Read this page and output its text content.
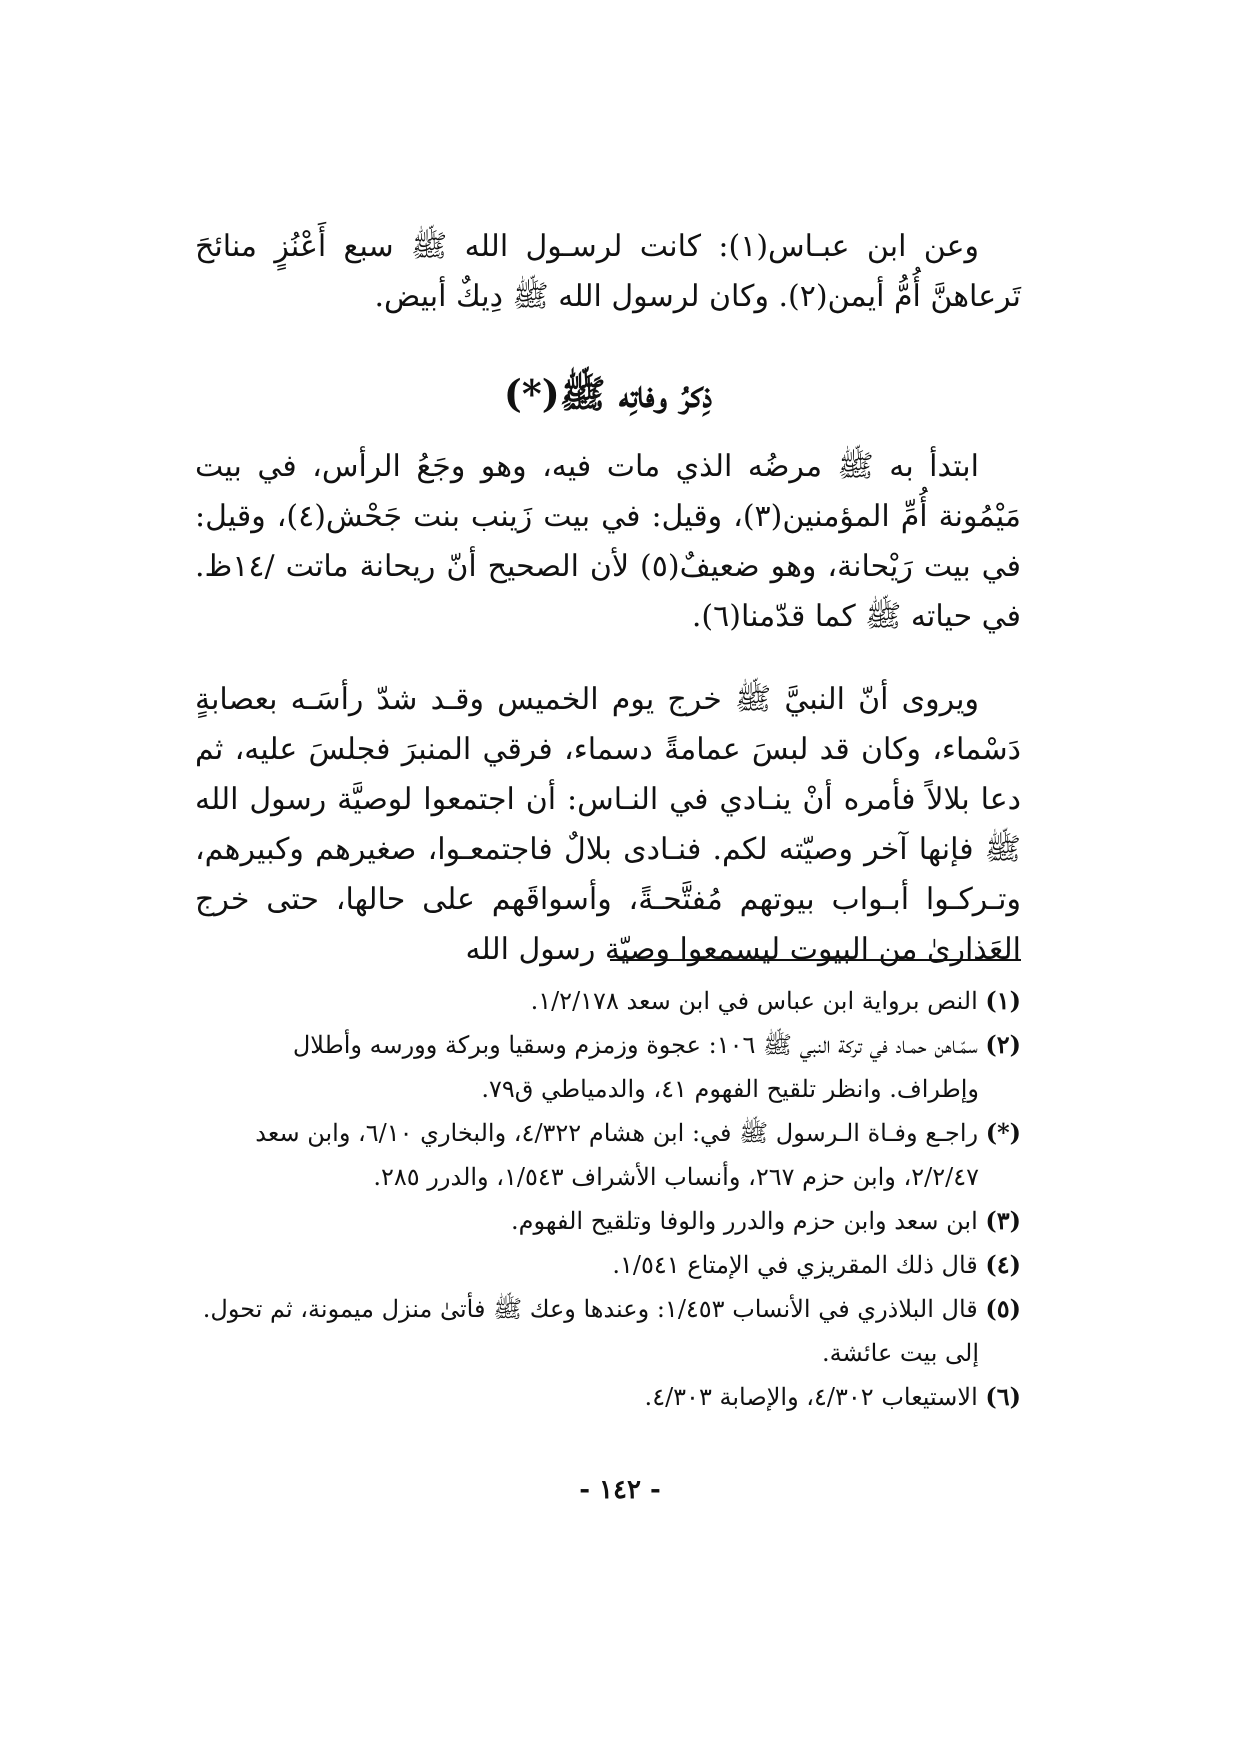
وعن ابن عبـاس(١): كانت لرسـول الله ﷺ سبع أَعْنُزٍ منائحَ تَرعاهنَّ أُمُّ أيمن(٢). وكان لرسول الله ﷺ دِيكٌ أبيض.

ذِكرُ وفاتِه ﷺ(*)

ابتدأ به ﷺ مرضُه الذي مات فيه، وهو وجَعُ الرأس، في بيت مَيْمُونة أُمِّ المؤمنين(٣)، وقيل: في بيت زَينب بنت جَحْش(٤)، وقيل: في بيت رَيْحانة، وهو ضعيفٌ(٥) لأن الصحيح أنّ ريحانة ماتت /١٤ظ. في حياته ﷺ كما قدّمنا(٦).

ويروى أنّ النبيَّ ﷺ خرج يوم الخميس وقـد شدّ رأسَـه بعصابةٍ دَسْماء، وكان قد لبسَ عمامةً دسماء، فرقي المنبرَ فجلسَ عليه، ثم دعا بلالاً فأمره أنْ ينـادي في النـاس: أن اجتمعوا لوصيَّة رسول الله ﷺ فإنها آخر وصيّته لكم. فنـادى بلالٌ فاجتمعـوا، صغيرهم وكبيرهم، وتـركـوا أبـواب بيوتهم مُفتَّحـةً، وأسواقَهم على حالها، حتى خرج العَذارىٰ من البيوت ليسمعوا وصيّة رسول الله

(١) النص برواية ابن عباس في ابن سعد ١/٢/١٧٨.

(٢) سمّـاهن حمـاد في تركة النبي ﷺ ١٠٦: عجوة وزمزم وسقيا وبركة وورسه وأطلال

وإطراف. وانظر تلقيح الفهوم ٤١، والدمياطي ق٧٩.

(*) راجـع وفـاة الـرسول ﷺ في: ابن هشام ٤/٣٢٢، والبخاري ٦/١٠، وابن سعد

٢/٢/٤٧، وابن حزم ٢٦٧، وأنساب الأشراف ١/٥٤٣، والدرر ٢٨٥.

(٣) ابن سعد وابن حزم والدرر والوفا وتلقيح الفهوم.

(٤) قال ذلك المقريزي في الإمتاع ١/٥٤١.

(٥) قال البلاذري في الأنساب ١/٤٥٣: وعندها وعك ﷺ فأتىٰ منزل ميمونة، ثم تحول.

إلى بيت عائشة.

(٦) الاستيعاب ٤/٣٠٢، والإصابة ٤/٣٠٣.

- ١٤٢ -
